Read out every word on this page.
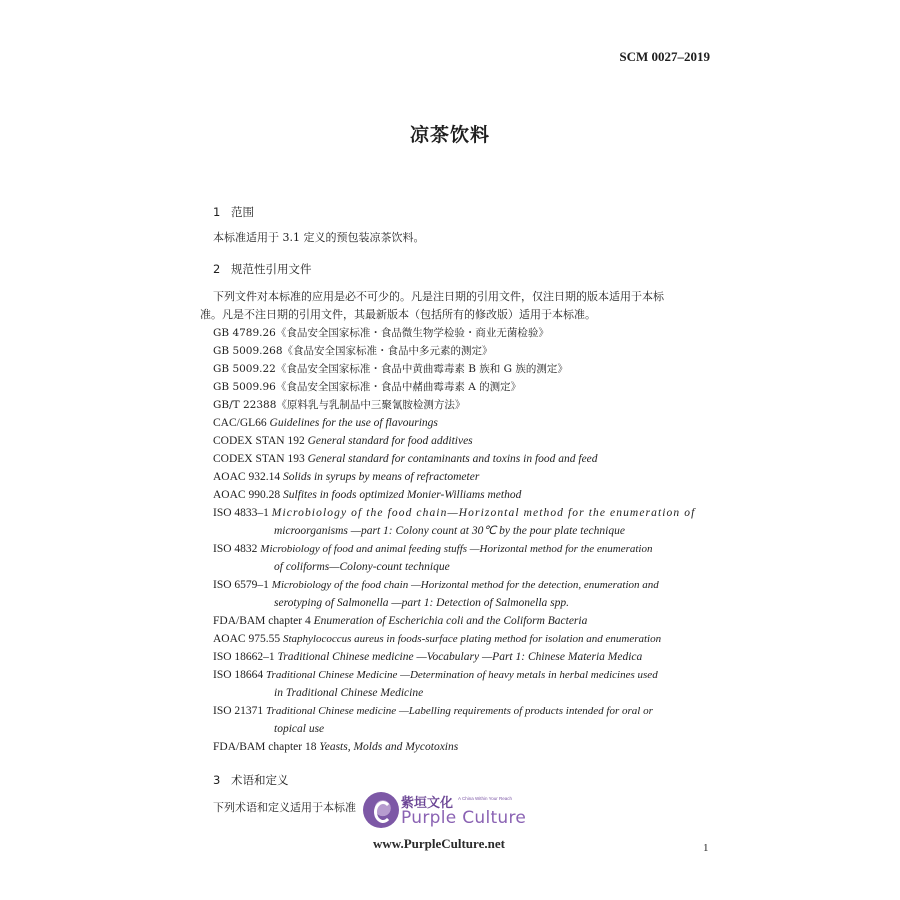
SCM 0027–2019
凉茶饮料
1 范围
本标准适用于 3.1 定义的预包装凉茶饮料。
2 规范性引用文件
下列文件对本标准的应用是必不可少的。凡是注日期的引用文件，仅注日期的版本适用于本标
准。凡是不注日期的引用文件，其最新版本（包括所有的修改版）适用于本标准。
GB 4789.26《食品安全国家标准・食品微生物学检验・商业无菌检验》
GB 5009.268《食品安全国家标准・食品中多元素的测定》
GB 5009.22《食品安全国家标准・食品中黄曲霉毒素 B 族和 G 族的测定》
GB 5009.96《食品安全国家标准・食品中赭曲霉毒素 A 的测定》
GB/T 22388《原料乳与乳制品中三聚氰胺检测方法》
CAC/GL66 Guidelines for the use of flavourings
CODEX STAN 192 General standard for food additives
CODEX STAN 193 General standard for contaminants and toxins in food and feed
AOAC 932.14 Solids in syrups by means of refractometer
AOAC 990.28 Sulfites in foods optimized Monier-Williams method
ISO 4833–1 Microbiology of the food chain—Horizontal method for the enumeration of
microorganisms —part 1: Colony count at 30℃ by the pour plate technique
ISO 4832 Microbiology of food and animal feeding stuffs —Horizontal method for the enumeration
of coliforms—Colony-count technique
ISO 6579–1 Microbiology of the food chain —Horizontal method for the detection, enumeration and
serotyping of Salmonella —part 1: Detection of Salmonella spp.
FDA/BAM chapter 4 Enumeration of Escherichia coli and the Coliform Bacteria
AOAC 975.55 Staphylococcus aureus in foods-surface plating method for isolation and enumeration
ISO 18662–1 Traditional Chinese medicine —Vocabulary —Part 1: Chinese Materia Medica
ISO 18664 Traditional Chinese Medicine —Determination of heavy metals in herbal medicines used
in Traditional Chinese Medicine
ISO 21371 Traditional Chinese medicine —Labelling requirements of products intended for oral or
topical use
FDA/BAM chapter 18 Yeasts, Molds and Mycotoxins
3 术语和定义
下列术语和定义适用于本标准
1
紫垣文化 A China Within Your Reach
Purple Culture
www.PurpleCulture.net
